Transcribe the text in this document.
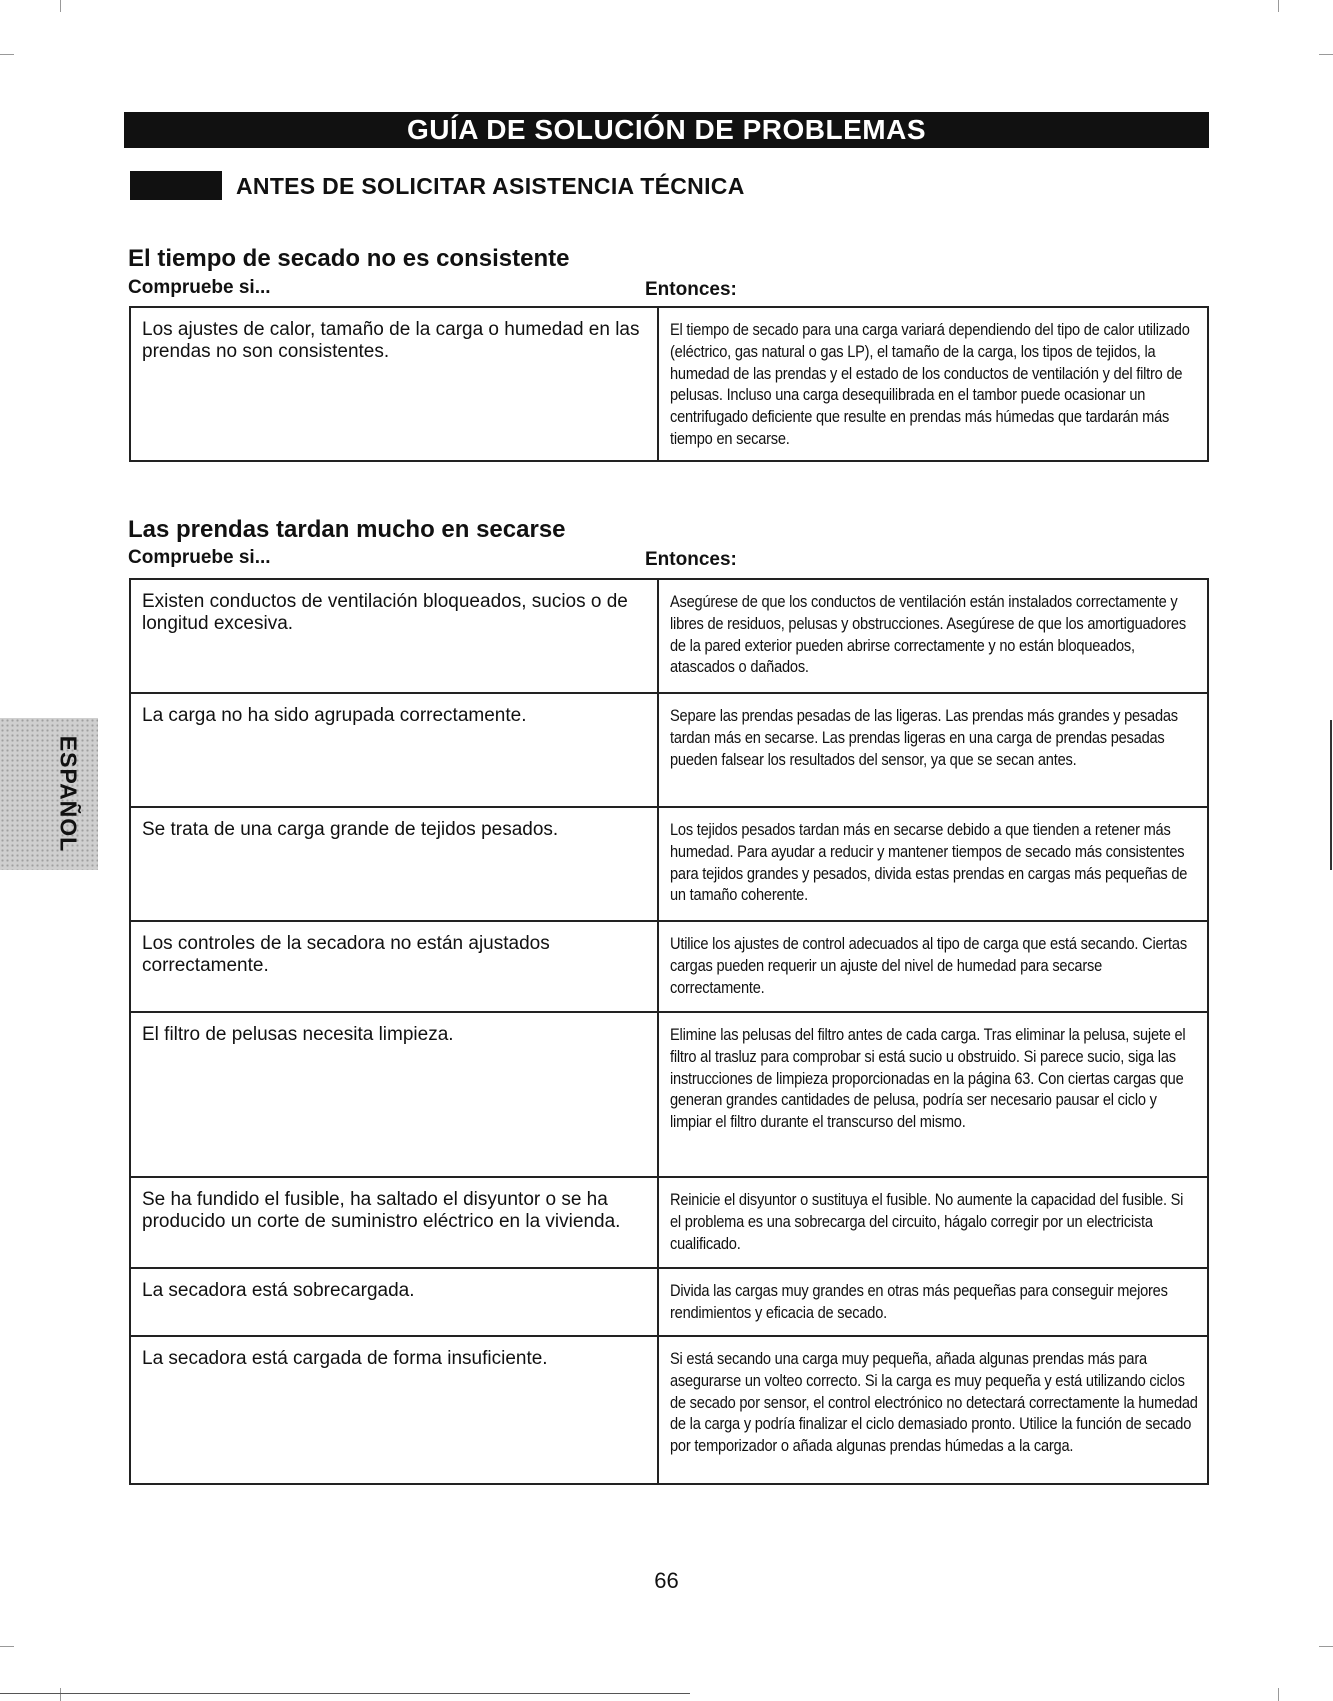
GUÍA DE SOLUCIÓN DE PROBLEMAS
ANTES DE SOLICITAR ASISTENCIA TÉCNICA
ESPAÑOL
El tiempo de secado no es consistente
Compruebe si...	Entonces:
Los ajustes de calor, tamaño de la carga o humedad en las prendas no son consistentes.	El tiempo de secado para una carga variará dependiendo del tipo de calor utilizado (eléctrico, gas natural o gas LP), el tamaño de la carga, los tipos de tejidos, la humedad de las prendas y el estado de los conductos de ventilación y del filtro de pelusas. Incluso una carga desequilibrada en el tambor puede ocasionar un centrifugado deficiente que resulte en prendas más húmedas que tardarán más tiempo en secarse.
Las prendas tardan mucho en secarse
Compruebe si...	Entonces:
Existen conductos de ventilación bloqueados, sucios o de longitud excesiva.	Asegúrese de que los conductos de ventilación están instalados correctamente y libres de residuos, pelusas y obstrucciones. Asegúrese de que los amortiguadores de la pared exterior pueden abrirse correctamente y no están bloqueados, atascados o dañados.
La carga no ha sido agrupada correctamente.	Separe las prendas pesadas de las ligeras. Las prendas más grandes y pesadas tardan más en secarse. Las prendas ligeras en una carga de prendas pesadas pueden falsear los resultados del sensor, ya que se secan antes.
Se trata de una carga grande de tejidos pesados.	Los tejidos pesados tardan más en secarse debido a que tienden a retener más humedad. Para ayudar a reducir y mantener tiempos de secado más consistentes para tejidos grandes y pesados, divida estas prendas en cargas más pequeñas de un tamaño coherente.
Los controles de la secadora no están ajustados correctamente.	Utilice los ajustes de control adecuados al tipo de carga que está secando. Ciertas cargas pueden requerir un ajuste del nivel de humedad para secarse correctamente.
El filtro de pelusas necesita limpieza.	Elimine las pelusas del filtro antes de cada carga. Tras eliminar la pelusa, sujete el filtro al trasluz para comprobar si está sucio u obstruido. Si parece sucio, siga las instrucciones de limpieza proporcionadas en la página 63. Con ciertas cargas que generan grandes cantidades de pelusa, podría ser necesario pausar el ciclo y limpiar el filtro durante el transcurso del mismo.
Se ha fundido el fusible, ha saltado el disyuntor o se ha producido un corte de suministro eléctrico en la vivienda.	Reinicie el disyuntor o sustituya el fusible. No aumente la capacidad del fusible. Si el problema es una sobrecarga del circuito, hágalo corregir por un electricista cualificado.
La secadora está sobrecargada.	Divida las cargas muy grandes en otras más pequeñas para conseguir mejores rendimientos y eficacia de secado.
La secadora está cargada de forma insuficiente.	Si está secando una carga muy pequeña, añada algunas prendas más para asegurarse un volteo correcto. Si la carga es muy pequeña y está utilizando ciclos de secado por sensor, el control electrónico no detectará correctamente la humedad de la carga y podría finalizar el ciclo demasiado pronto. Utilice la función de secado por temporizador o añada algunas prendas húmedas a la carga.
66
